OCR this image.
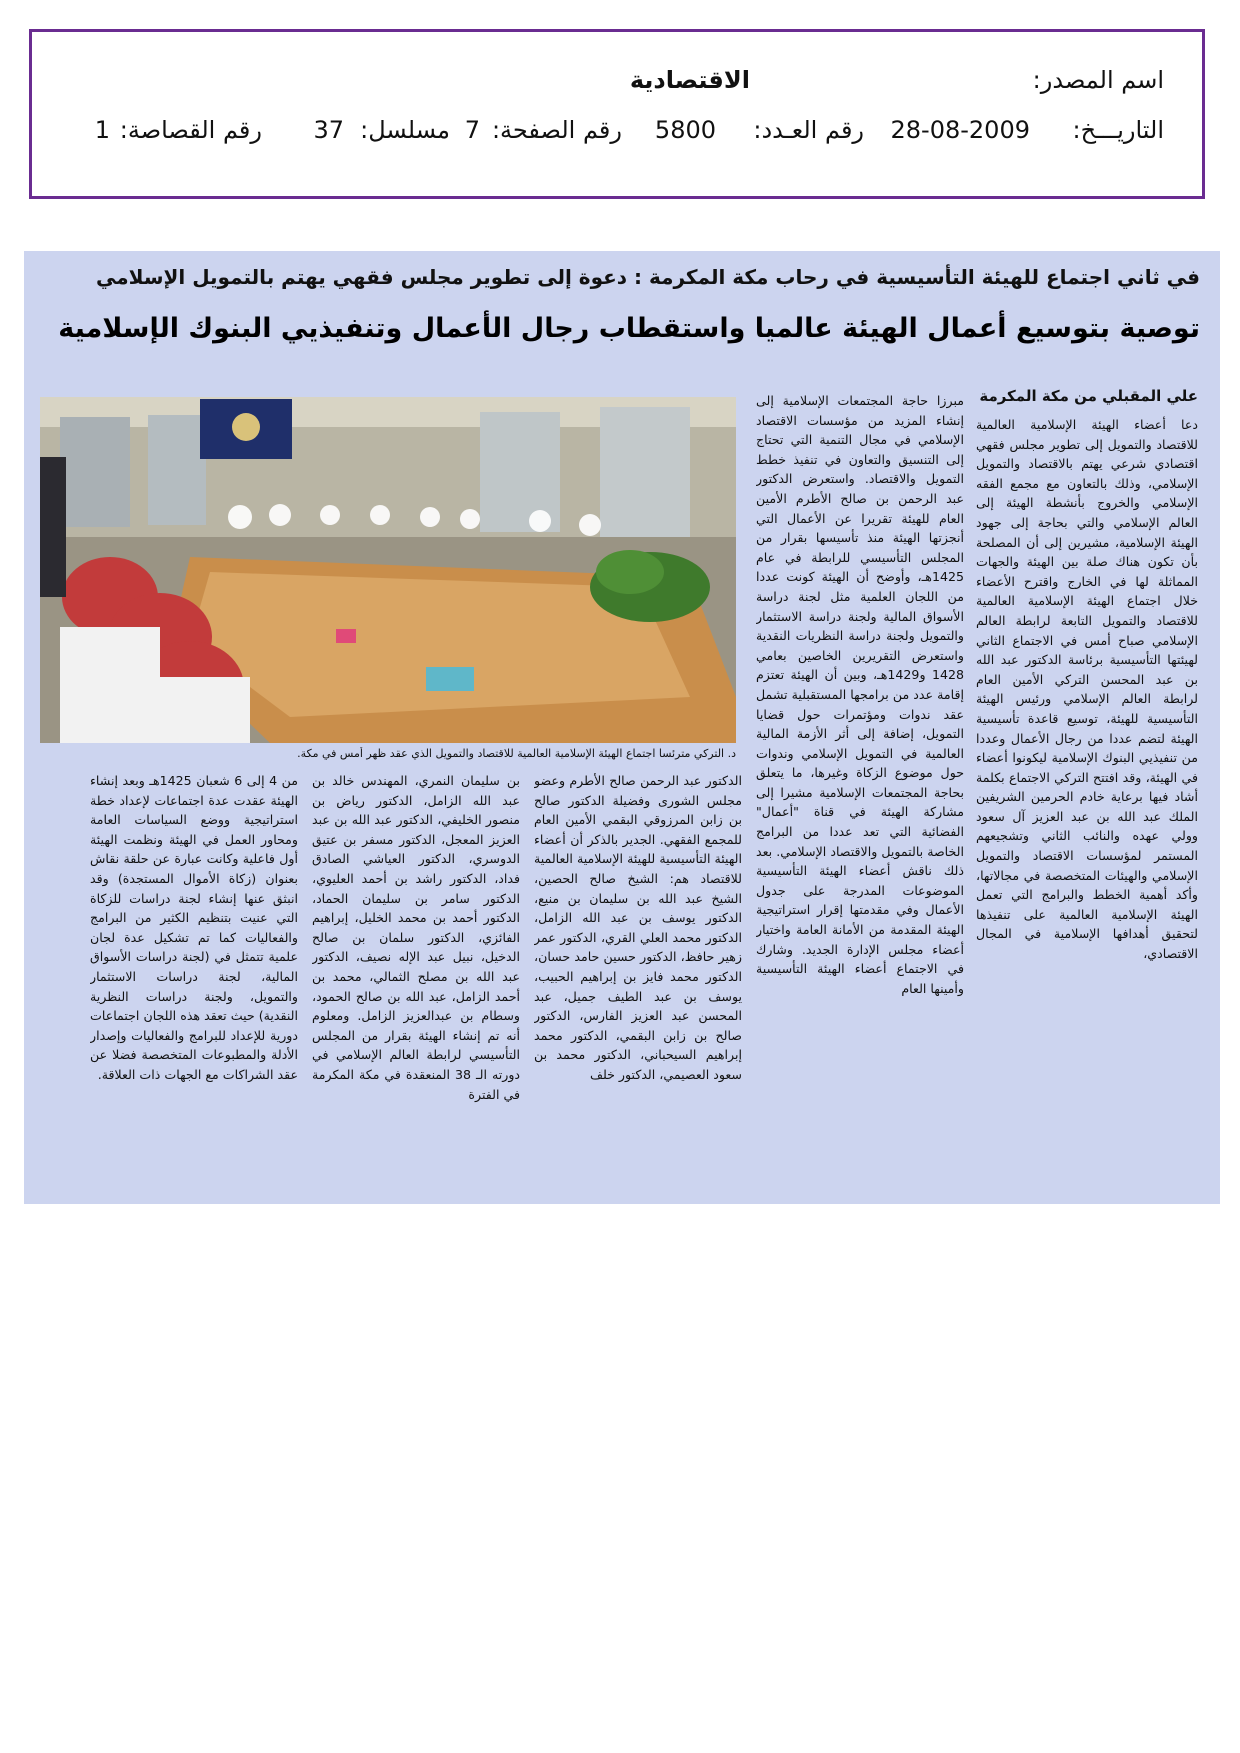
اسم المصدر:
الاقتصادية
التاريـــخ:
28-08-2009
رقم العـدد:
5800
رقم الصفحة:
7
مسلسل:
37
رقم القصاصة:
1
في ثاني اجتماع للهيئة التأسيسية في رحاب مكة المكرمة : دعوة إلى تطوير مجلس فقهي يهتم بالتمويل الإسلامي
توصية بتوسيع أعمال الهيئة عالميا واستقطاب رجال الأعمال وتنفيذيي البنوك الإسلامية
علي المقبلي من مكة المكرمة
دعا أعضاء الهيئة الإسلامية العالمية للاقتصاد والتمويل إلى تطوير مجلس فقهي اقتصادي شرعي يهتم بالاقتصاد والتمويل الإسلامي، وذلك بالتعاون مع مجمع الفقه الإسلامي والخروج بأنشطة الهيئة إلى العالم الإسلامي والتي بحاجة إلى جهود الهيئة الإسلامية، مشيرين إلى أن المصلحة بأن تكون هناك صلة بين الهيئة والجهات المماثلة لها في الخارج واقترح الأعضاء خلال اجتماع الهيئة الإسلامية العالمية للاقتصاد والتمويل التابعة لرابطة العالم الإسلامي صباح أمس في الاجتماع الثاني لهيئتها التأسيسية برئاسة الدكتور عبد الله بن عبد المحسن التركي الأمين العام لرابطة العالم الإسلامي ورئيس الهيئة التأسيسية للهيئة، توسيع قاعدة تأسيسية الهيئة لتضم عددا من رجال الأعمال وعددا من تنفيذيي البنوك الإسلامية ليكونوا أعضاء في الهيئة، وقد افتتح التركي الاجتماع بكلمة أشاد فيها برعاية خادم الحرمين الشريفين الملك عبد الله بن عبد العزيز آل سعود وولي عهده والنائب الثاني وتشجيعهم المستمر لمؤسسات الاقتصاد والتمويل الإسلامي والهيئات المتخصصة في مجالاتها، وأكد أهمية الخطط والبرامج التي تعمل الهيئة الإسلامية العالمية على تنفيذها لتحقيق أهدافها الإسلامية في المجال الاقتصادي،
مبرزا حاجة المجتمعات الإسلامية إلى إنشاء المزيد من مؤسسات الاقتصاد الإسلامي في مجال التنمية التي تحتاج إلى التنسيق والتعاون في تنفيذ خطط التمويل والاقتصاد. واستعرض الدكتور عبد الرحمن بن صالح الأطرم الأمين العام للهيئة تقريرا عن الأعمال التي أنجزتها الهيئة منذ تأسيسها بقرار من المجلس التأسيسي للرابطة في عام 1425هـ، وأوضح أن الهيئة كونت عددا من اللجان العلمية مثل لجنة دراسة الأسواق المالية ولجنة دراسة الاستثمار والتمويل ولجنة دراسة النظريات النقدية واستعرض التقريرين الخاصين بعامي 1428 و1429هـ، وبين أن الهيئة تعتزم إقامة عدد من برامجها المستقبلية تشمل عقد ندوات ومؤتمرات حول قضايا التمويل، إضافة إلى أثر الأزمة المالية العالمية في التمويل الإسلامي وندوات حول موضوع الزكاة وغيرها، ما يتعلق بحاجة المجتمعات الإسلامية مشيرا إلى مشاركة الهيئة في قناة "أعمال" الفضائية التي تعد عددا من البرامج الخاصة بالتمويل والاقتصاد الإسلامي. بعد ذلك ناقش أعضاء الهيئة التأسيسية الموضوعات المدرجة على جدول الأعمال وفي مقدمتها إقرار استراتيجية الهيئة المقدمة من الأمانة العامة واختيار أعضاء مجلس الإدارة الجديد. وشارك في الاجتماع أعضاء الهيئة التأسيسية وأمينها العام
د. التركي مترئسا اجتماع الهيئة الإسلامية العالمية للاقتصاد والتمويل الذي عقد ظهر أمس في مكة.
الدكتور عبد الرحمن صالح الأطرم وعضو مجلس الشورى وفضيلة الدكتور صالح بن زابن المرزوقي البقمي الأمين العام للمجمع الفقهي. الجدير بالذكر أن أعضاء الهيئة التأسيسية للهيئة الإسلامية العالمية للاقتصاد هم: الشيخ صالح الحصين، الشيخ عبد الله بن سليمان بن منيع، الدكتور يوسف بن عبد الله الزامل، الدكتور محمد العلي القري، الدكتور عمر زهير حافظ، الدكتور حسين حامد حسان، الدكتور محمد فايز بن إبراهيم الحبيب، يوسف بن عبد الطيف جميل، عبد المحسن عبد العزيز الفارس، الدكتور صالح بن زابن البقمي، الدكتور محمد إبراهيم السيحباني، الدكتور محمد بن سعود العصيمي، الدكتور خلف
بن سليمان النمري، المهندس خالد بن عبد الله الزامل، الدكتور رياض بن منصور الخليفي، الدكتور عبد الله بن عبد العزيز المعجل، الدكتور مسفر بن عتيق الدوسري، الدكتور العياشي الصادق فداد، الدكتور راشد بن أحمد العليوي، الدكتور سامر بن سليمان الحماد، الدكتور أحمد بن محمد الخليل، إبراهيم الفائزي، الدكتور سلمان بن صالح الدخيل، نبيل عبد الإله نصيف، الدكتور عبد الله بن مصلح الثمالي، محمد بن أحمد الزامل، عبد الله بن صالح الحمود، وسطام بن عبدالعزيز الزامل. ومعلوم أنه تم إنشاء الهيئة بقرار من المجلس التأسيسي لرابطة العالم الإسلامي في دورته الـ 38 المنعقدة في مكة المكرمة في الفترة
من 4 إلى 6 شعبان 1425هـ وبعد إنشاء الهيئة عقدت عدة اجتماعات لإعداد خطة استراتيجية ووضع السياسات العامة ومحاور العمل في الهيئة ونظمت الهيئة أول فاعلية وكانت عبارة عن حلقة نقاش بعنوان (زكاة الأموال المستجدة) وقد انبثق عنها إنشاء لجنة دراسات للزكاة التي عنيت بتنظيم الكثير من البرامج والفعاليات كما تم تشكيل عدة لجان علمية تتمثل في (لجنة دراسات الأسواق المالية، لجنة دراسات الاستثمار والتمويل، ولجنة دراسات النظرية النقدية) حيث تعقد هذه اللجان اجتماعات دورية للإعداد للبرامج والفعاليات وإصدار الأدلة والمطبوعات المتخصصة فضلا عن عقد الشراكات مع الجهات ذات العلاقة.
